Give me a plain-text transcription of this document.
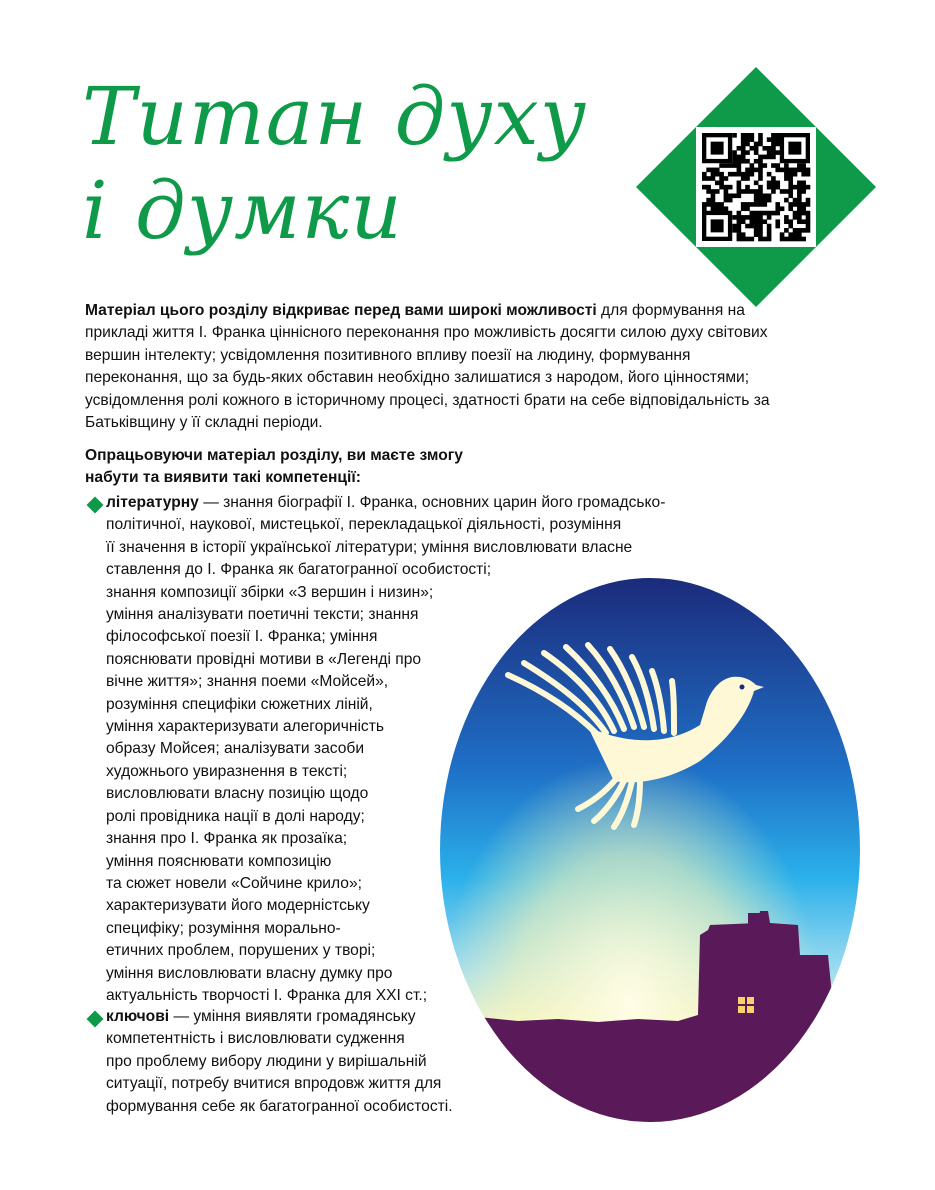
Титан духу
і думки

Матеріал цього розділу відкриває перед вами широкі можливості для формування на прикладі життя І. Франка ціннісного переконання про можливість досягти силою духу світових вершин інтелекту; усвідомлення позитивного впливу поезії на людину, формування переконання, що за будь-яких обставин необхідно залишатися з народом, його цінностями; усвідомлення ролі кожного в історичному процесі, здатності брати на себе відповідальність за Батьківщину у її складні періоди.

Опрацьовуючи матеріал розділу, ви маєте змогу
набути та виявити такі компетенції:

літературну — знання біографії І. Франка, основних царин його громадсько-
політичної, наукової, мистецької, перекладацької діяльності, розуміння
її значення в історії української літератури; уміння висловлювати власне
ставлення до І. Франка як багатогранної особистості;
знання композиції збірки «З вершин і низин»;
уміння аналізувати поетичні тексти; знання
філософської поезії І. Франка; уміння
пояснювати провідні мотиви в «Легенді про
вічне життя»; знання поеми «Мойсей»,
розуміння специфіки сюжетних ліній,
уміння характеризувати алегоричність
образу Мойсея; аналізувати засоби
художнього увиразнення в тексті;
висловлювати власну позицію щодо
ролі провідника нації в долі народу;
знання про І. Франка як прозаїка;
уміння пояснювати композицію
та сюжет новели «Сойчине крило»;
характеризувати його модерністську
специфіку; розуміння морально-
етичних проблем, порушених у творі;
уміння висловлювати власну думку про
актуальність творчості І. Франка для ХХІ ст.;
ключові — уміння виявляти громадянську
компетентність і висловлювати судження
про проблему вибору людини у вирішальній
ситуації, потребу вчитися впродовж життя для
формування себе як багатогранної особистості.
